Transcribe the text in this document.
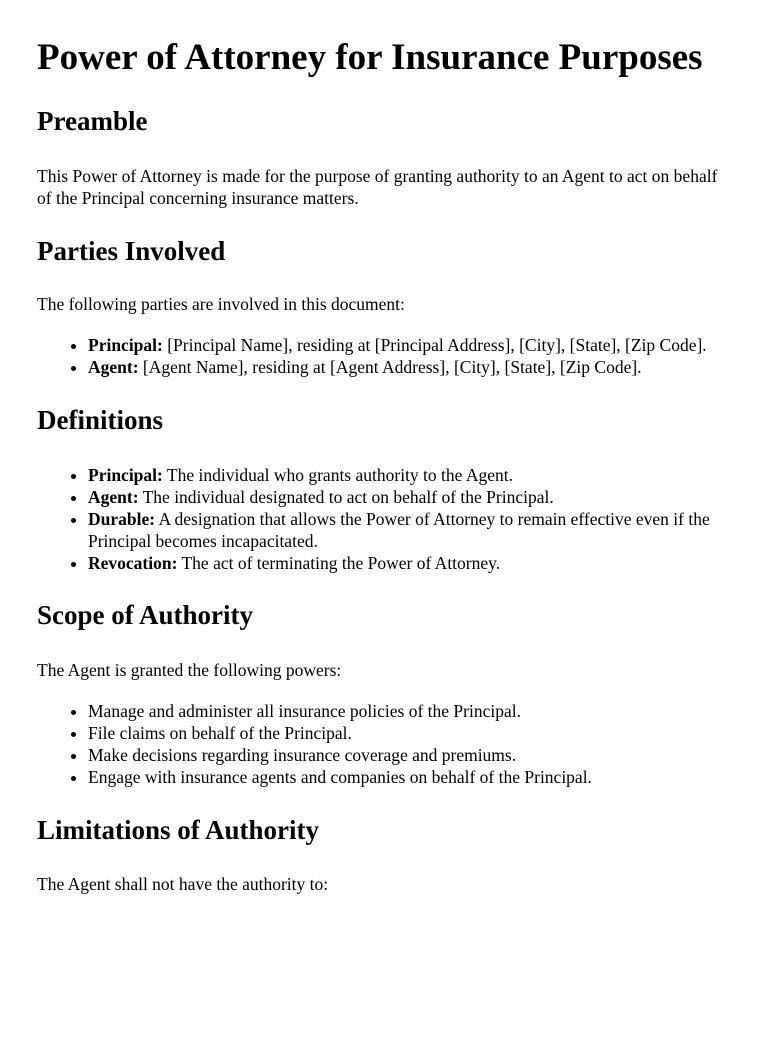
Power of Attorney for Insurance Purposes
Preamble

This Power of Attorney is made for the purpose of granting authority to an Agent to act on behalf of the Principal concerning insurance matters.

Parties Involved

The following parties are involved in this document:

• Principal: [Principal Name], residing at [Principal Address], [City], [State], [Zip Code].
• Agent: [Agent Name], residing at [Agent Address], [City], [State], [Zip Code].
Definitions
• Principal: The individual who grants authority to the Agent.
• Agent: The individual designated to act on behalf of the Principal.
• Durable: A designation that allows the Power of Attorney to remain effective even if the Principal becomes incapacitated.
• Revocation: The act of terminating the Power of Attorney.
Scope of Authority

The Agent is granted the following powers:

• Manage and administer all insurance policies of the Principal.
• File claims on behalf of the Principal.
• Make decisions regarding insurance coverage and premiums.
• Engage with insurance agents and companies on behalf of the Principal.
Limitations of Authority

The Agent shall not have the authority to:
